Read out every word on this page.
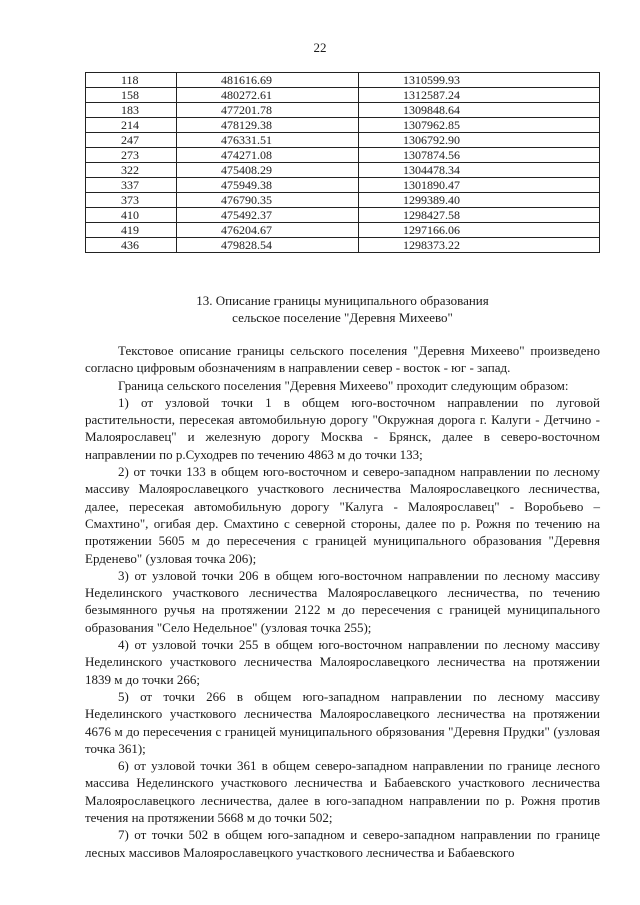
22
118	481616.69	1310599.93
158	480272.61	1312587.24
183	477201.78	1309848.64
214	478129.38	1307962.85
247	476331.51	1306792.90
273	474271.08	1307874.56
322	475408.29	1304478.34
337	475949.38	1301890.47
373	476790.35	1299389.40
410	475492.37	1298427.58
419	476204.67	1297166.06
436	479828.54	1298373.22
13. Описание границы муниципального образования
сельское поселение "Деревня Михеево"

Текстовое описание границы сельского поселения "Деревня Михеево" произведено согласно цифровым обозначениям в направлении север - восток - юг - запад.

Граница сельского поселения "Деревня Михеево" проходит следующим образом:

1) от узловой точки 1 в общем юго-восточном направлении по луговой растительности, пересекая автомобильную дорогу "Окружная дорога г. Калуги - Детчино - Малоярославец" и железную дорогу Москва - Брянск, далее в северо-восточном направлении по р.Суходрев по течению 4863 м до точки 133;

2) от точки 133 в общем юго-восточном и северо-западном направлении по лесному массиву Малоярославецкого участкового лесничества Малоярославецкого лесничества, далее, пересекая автомобильную дорогу "Калуга - Малоярославец" - Воробьево – Смахтино", огибая дер. Смахтино с северной стороны, далее по р. Рожня по течению на протяжении 5605 м до пересечения с границей муниципального образования "Деревня Ерденево" (узловая точка 206);

3) от узловой точки 206 в общем юго-восточном направлении по лесному массиву Неделинского участкового лесничества Малоярославецкого лесничества, по течению безымянного ручья на протяжении 2122 м до пересечения с границей муниципального образования "Село Недельное" (узловая точка 255);

4) от узловой точки 255 в общем юго-восточном направлении по лесному массиву Неделинского участкового лесничества Малоярославецкого лесничества на протяжении 1839 м до точки 266;

5) от точки 266 в общем юго-западном направлении по лесному массиву Неделинского участкового лесничества Малоярославецкого лесничества на протяжении 4676 м до пересечения с границей муниципального обрязования "Деревня Прудки" (узловая точка 361);

6) от узловой точки 361 в общем северо-западном направлении по границе лесного массива Неделинского участкового лесничества и Бабаевского участкового лесничества Малоярославецкого лесничества, далее в юго-западном направлении по р. Рожня против течения на протяжении 5668 м до точки 502;

7) от точки 502 в общем юго-западном и северо-западном направлении по границе лесных массивов Малоярославецкого участкового лесничества и Бабаевского
